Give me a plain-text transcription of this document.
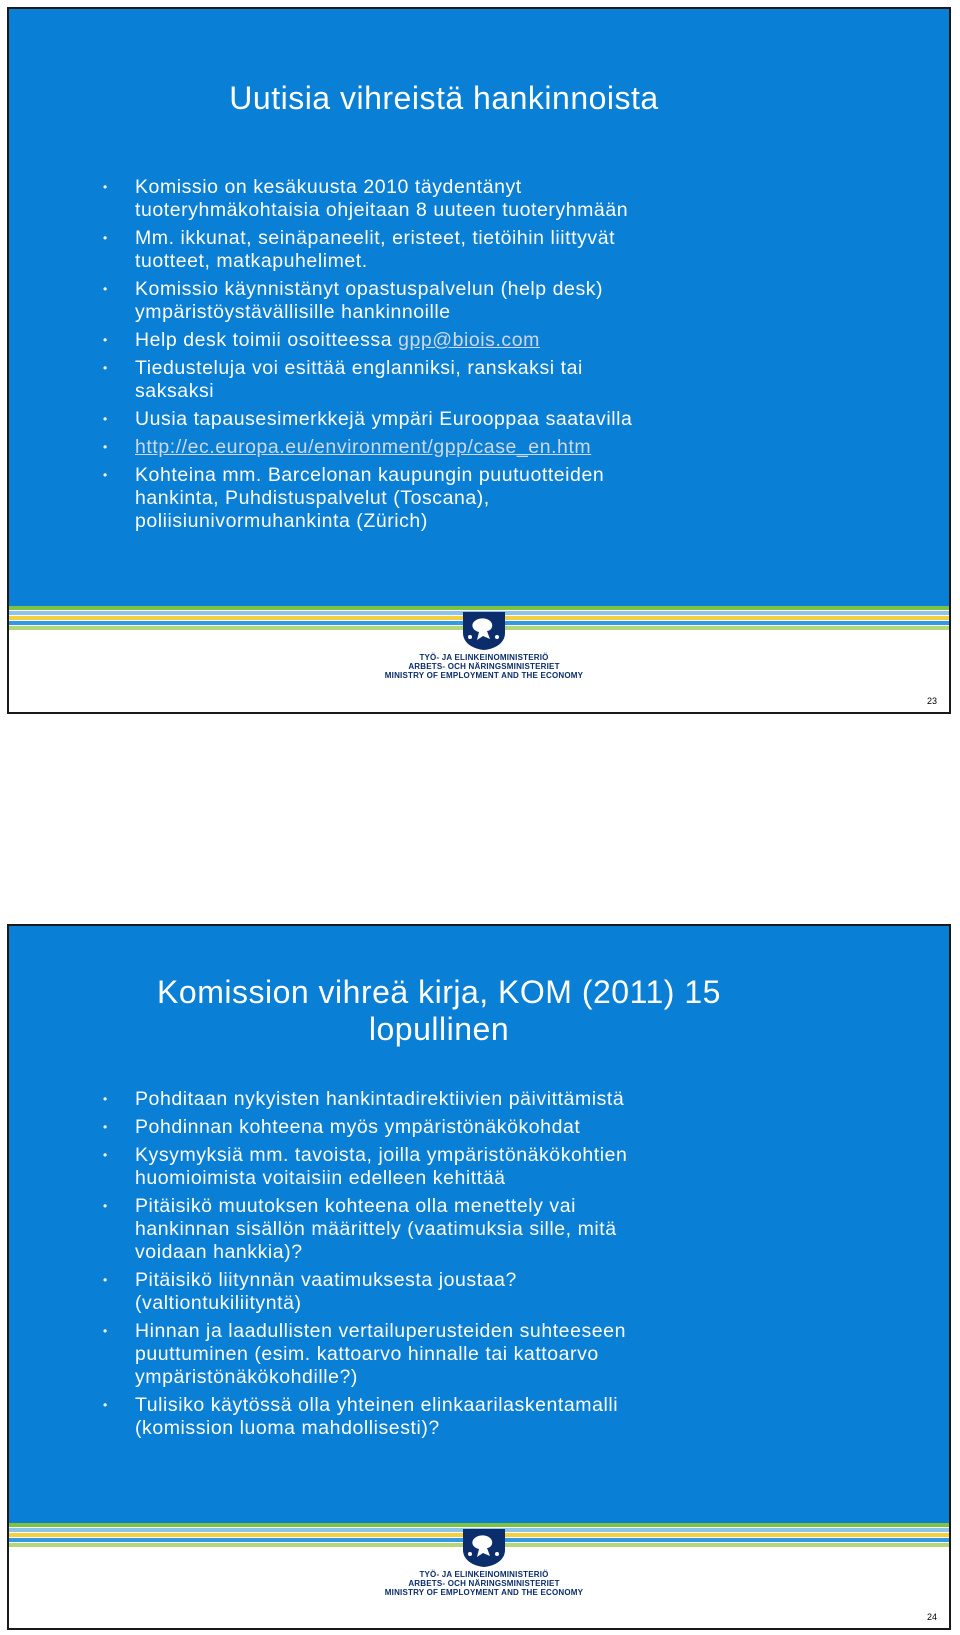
Uutisia vihreistä hankinnoista
• Komissio on kesäkuusta 2010 täydentänyt
tuoteryhmäkohtaisia ohjeitaan 8 uuteen tuoteryhmään
• Mm. ikkunat, seinäpaneelit, eristeet, tietöihin liittyvät
tuotteet, matkapuhelimet.
• Komissio käynnistänyt opastuspalvelun (help desk)
ympäristöystävällisille hankinnoille
• Help desk toimii osoitteessa gpp@biois.com
• Tiedusteluja voi esittää englanniksi, ranskaksi tai
saksaksi
• Uusia tapausesimerkkejä ympäri Eurooppaa saatavilla
• http://ec.europa.eu/environment/gpp/case_en.htm
• Kohteina mm. Barcelonan kaupungin puutuotteiden
hankinta, Puhdistuspalvelut (Toscana),
poliisiunivormuhankinta (Zürich)
TYÖ- JA ELINKEINOMINISTERIÖ
ARBETS- OCH NÄRINGSMINISTERIET
MINISTRY OF EMPLOYMENT AND THE ECONOMY
23
Komission vihreä kirja, KOM (2011) 15
lopullinen
• Pohditaan nykyisten hankintadirektiivien päivittämistä
• Pohdinnan kohteena myös ympäristönäkökohdat
• Kysymyksiä mm. tavoista, joilla ympäristönäkökohtien
huomioimista voitaisiin edelleen kehittää
• Pitäisikö muutoksen kohteena olla menettely vai
hankinnan sisällön määrittely (vaatimuksia sille, mitä
voidaan hankkia)?
• Pitäisikö liitynnän vaatimuksesta joustaa?
(valtiontukiliityntä)
• Hinnan ja laadullisten vertailuperusteiden suhteeseen
puuttuminen (esim. kattoarvo hinnalle tai kattoarvo
ympäristönäkökohdille?)
• Tulisiko käytössä olla yhteinen elinkaarilaskentamalli
(komission luoma mahdollisesti)?
TYÖ- JA ELINKEINOMINISTERIÖ
ARBETS- OCH NÄRINGSMINISTERIET
MINISTRY OF EMPLOYMENT AND THE ECONOMY
24
